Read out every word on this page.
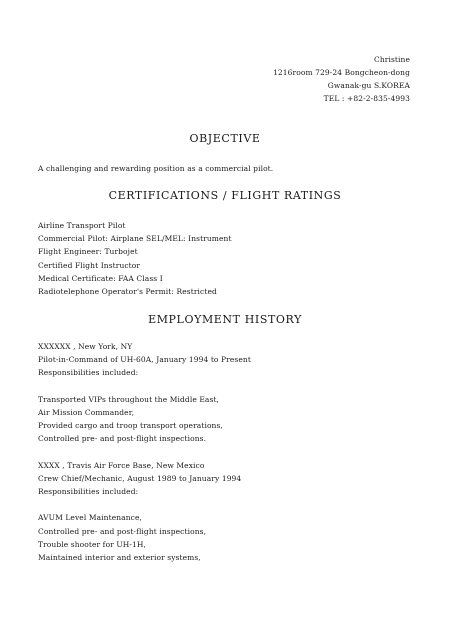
Christine
1216room 729-24 Bongcheon-dong
Gwanak-gu S.KOREA
TEL : +82-2-835-4993
OBJECTIVE
A challenging and rewarding position as a commercial pilot.
CERTIFICATIONS / FLIGHT RATINGS
Airline Transport Pilot
Commercial Pilot: Airplane SEL/MEL: Instrument
Flight Engineer: Turbojet
Certified Flight Instructor
Medical Certificate: FAA Class I
Radiotelephone Operator's Permit: Restricted
EMPLOYMENT HISTORY
XXXXXX , New York, NY
Pilot-in-Command of UH-60A, January 1994 to Present
Responsibilities included:
Transported VIPs throughout the Middle East,
Air Mission Commander,
Provided cargo and troop transport operations,
Controlled pre- and post-flight inspections.
XXXX , Travis Air Force Base, New Mexico
Crew Chief/Mechanic, August 1989 to January 1994
Responsibilities included:
AVUM Level Maintenance,
Controlled pre- and post-flight inspections,
Trouble shooter for UH-1H,
Maintained interior and exterior systems,
